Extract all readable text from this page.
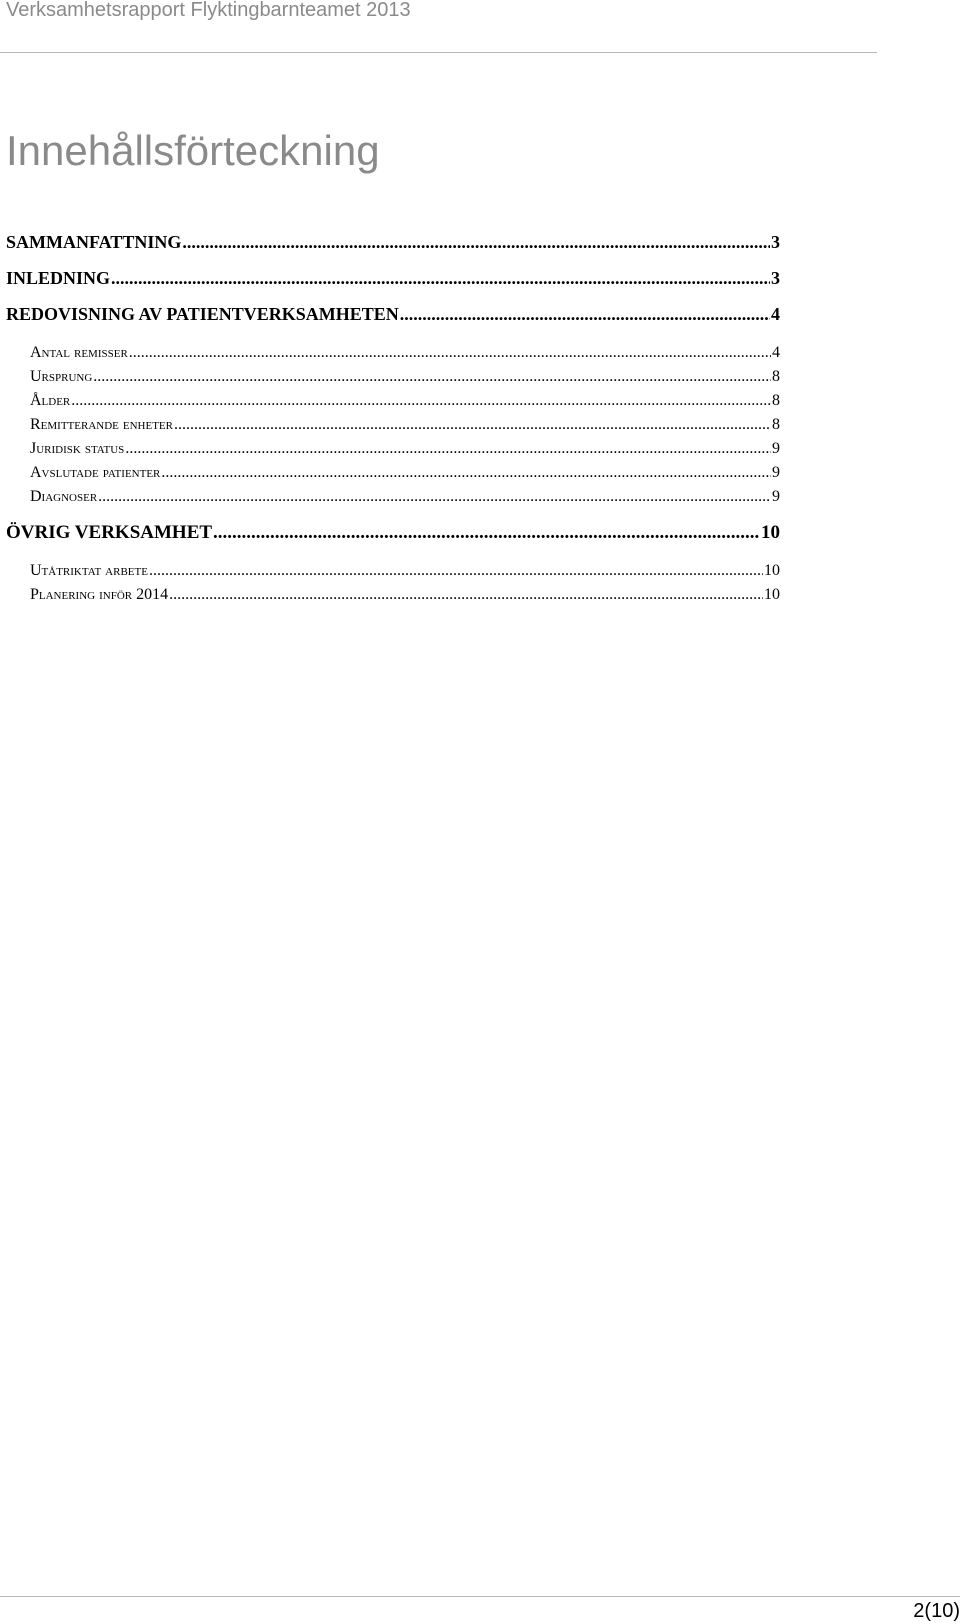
Verksamhetsrapport Flyktingbarnteamet 2013
Innehållsförteckning
SAMMANFATTNING .....	3
INLEDNING .....	3
REDOVISNING AV PATIENTVERKSAMHETEN .....	4
Antal remisser .....	4
Ursprung .....	8
Ålder .....	8
Remitterande enheter .....	8
Juridisk status .....	9
Avslutade patienter .....	9
Diagnoser .....	9
ÖVRIG VERKSAMHET .....	10
Utåtriktat arbete .....	10
Planering inför 2014 .....	10
2(10)
